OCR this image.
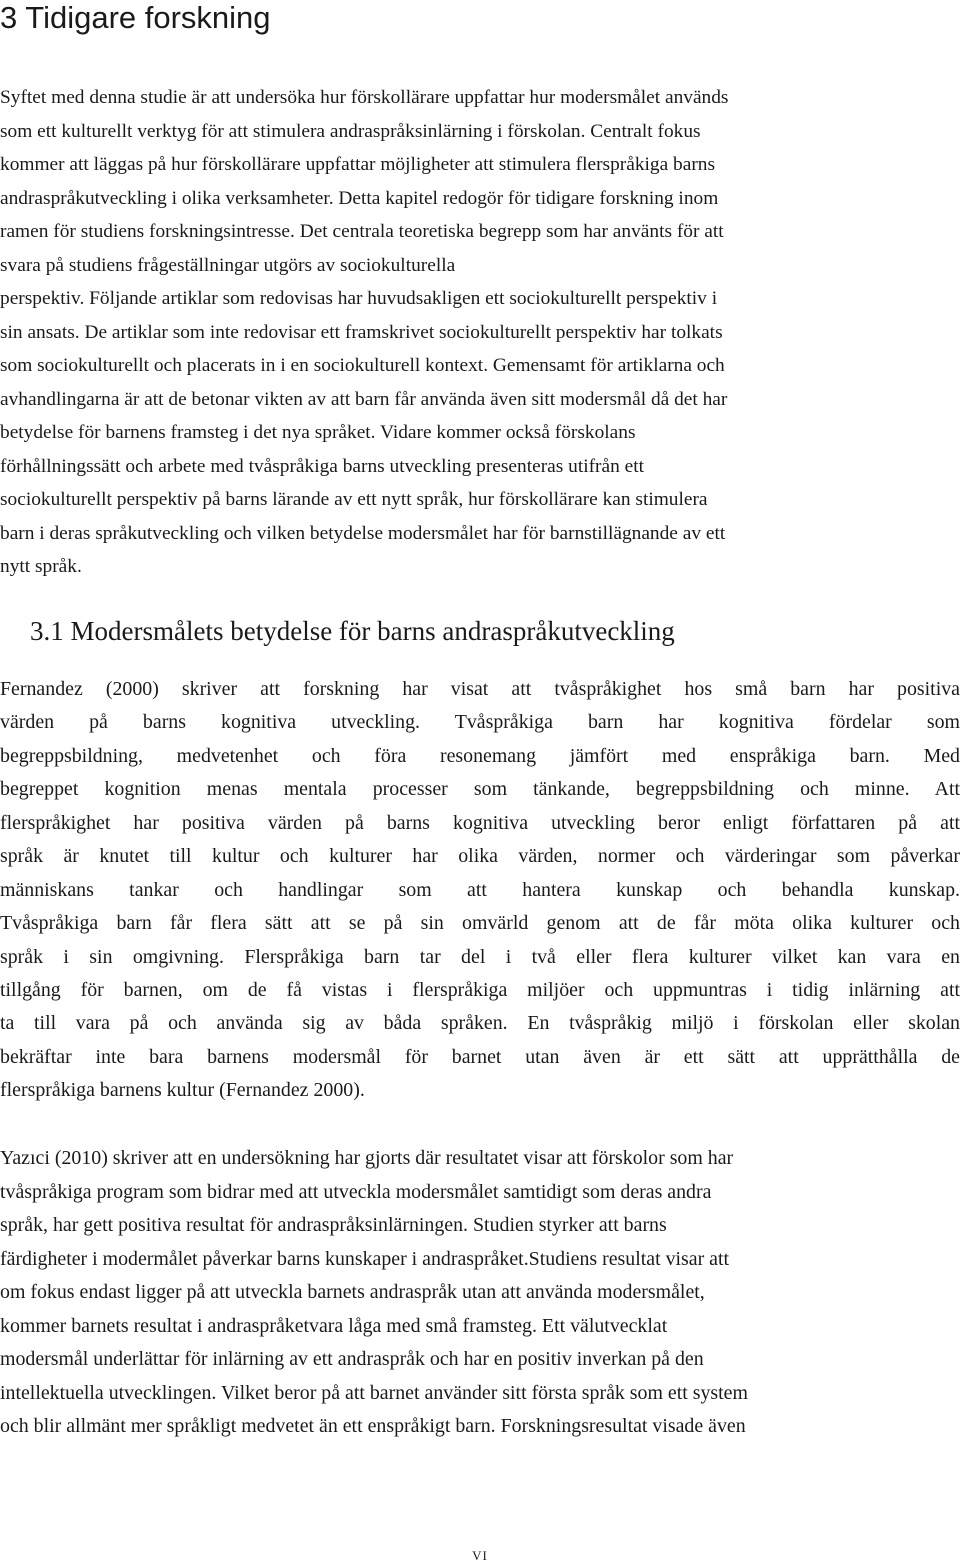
3 Tidigare forskning
Syftet med denna studie är att undersöka hur förskollärare uppfattar hur modersmålet används
som ett kulturellt verktyg för att stimulera andraspråksinlärning i förskolan. Centralt fokus
kommer att läggas på hur förskollärare uppfattar möjligheter att stimulera flerspråkiga barns
andraspråkutveckling i olika verksamheter. Detta kapitel redogör för tidigare forskning inom
ramen för studiens forskningsintresse. Det centrala teoretiska begrepp som har använts för att
svara på studiens frågeställningar utgörs av sociokulturella
perspektiv. Följande artiklar som redovisas har huvudsakligen ett sociokulturellt perspektiv i
sin ansats. De artiklar som inte redovisar ett framskrivet sociokulturellt perspektiv har tolkats
som sociokulturellt och placerats in i en sociokulturell kontext. Gemensamt för artiklarna och
avhandlingarna är att de betonar vikten av att barn får använda även sitt modersmål då det har
betydelse för barnens framsteg i det nya språket. Vidare kommer också förskolans
förhållningssätt och arbete med tvåspråkiga barns utveckling presenteras utifrån ett
sociokulturellt perspektiv på barns lärande av ett nytt språk, hur förskollärare kan stimulera
barn i deras språkutveckling och vilken betydelse modersmålet har för barnstillägnande av ett
nytt språk.
3.1 Modersmålets betydelse för barns andraspråkutveckling
Fernandez (2000) skriver att forskning har visat att tvåspråkighet hos små barn har positiva
värden på barns kognitiva utveckling. Tvåspråkiga barn har kognitiva fördelar som
begreppsbildning, medvetenhet och föra resonemang jämfört med enspråkiga barn. Med
begreppet kognition menas mentala processer som tänkande, begreppsbildning och minne. Att
flerspråkighet har positiva värden på barns kognitiva utveckling beror enligt författaren på att
språk är knutet till kultur och kulturer har olika värden, normer och värderingar som påverkar
människans tankar och handlingar som att hantera kunskap och behandla kunskap.
Tvåspråkiga barn får flera sätt att se på sin omvärld genom att de får möta olika kulturer och
språk i sin omgivning. Flerspråkiga barn tar del i två eller flera kulturer vilket kan vara en
tillgång för barnen, om de få vistas i flerspråkiga miljöer och uppmuntras i tidig inlärning att
ta till vara på och använda sig av båda språken. En tvåspråkig miljö i förskolan eller skolan
bekräftar inte bara barnens modersmål för barnet utan även är ett sätt att upprätthålla de
flerspråkiga barnens kultur (Fernandez 2000).
Yazıci (2010) skriver att en undersökning har gjorts där resultatet visar att förskolor som har
tvåspråkiga program som bidrar med att utveckla modersmålet samtidigt som deras andra
språk, har gett positiva resultat för andraspråksinlärningen. Studien styrker att barns
färdigheter i modermålet påverkar barns kunskaper i andraspråket.Studiens resultat visar att
om fokus endast ligger på att utveckla barnets andraspråk utan att använda modersmålet,
kommer barnets resultat i andraspråketvara låga med små framsteg. Ett välutvecklat
modersmål underlättar för inlärning av ett andraspråk och har en positiv inverkan på den
intellektuella utvecklingen. Vilket beror på att barnet använder sitt första språk som ett system
och blir allmänt mer språkligt medvetet än ett enspråkigt barn. Forskningsresultat visade även
VI
